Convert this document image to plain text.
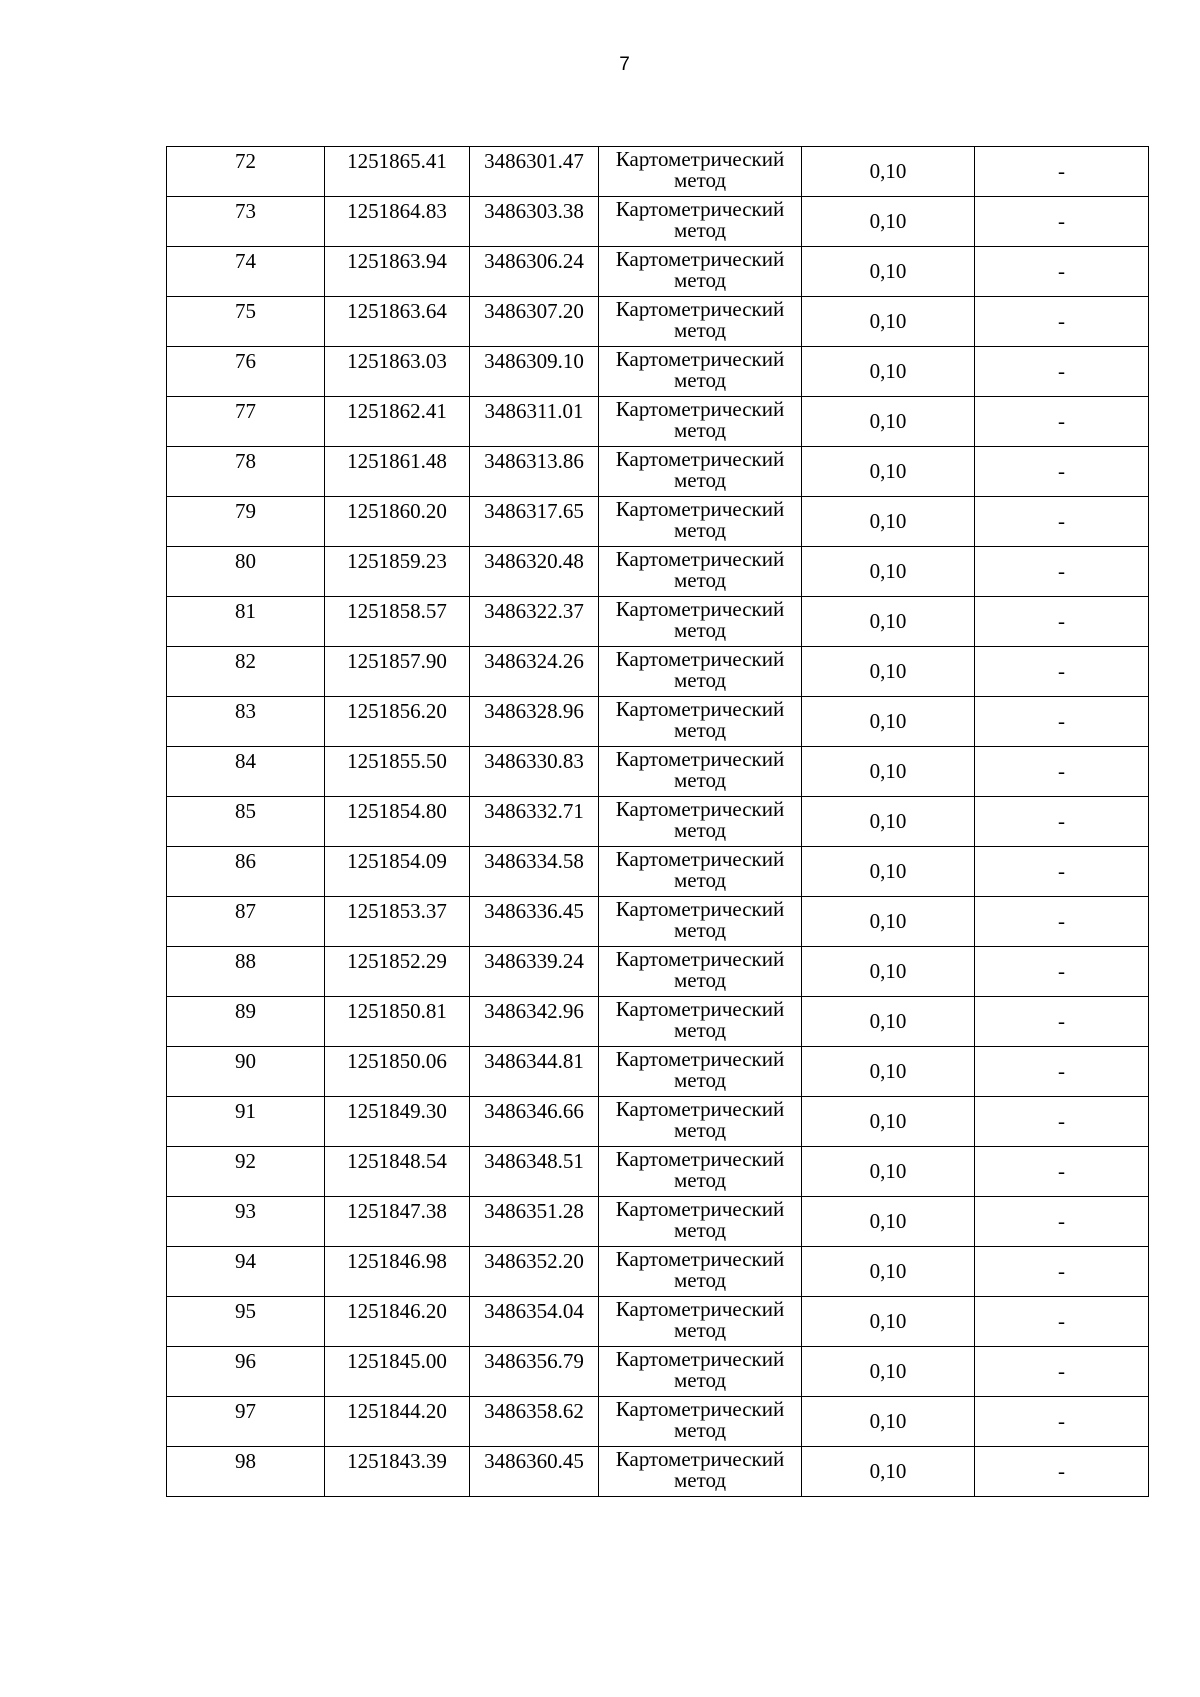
7
72	1251865.41	3486301.47	Картометрический
метод	0,10	-
73	1251864.83	3486303.38	Картометрический
метод	0,10	-
74	1251863.94	3486306.24	Картометрический
метод	0,10	-
75	1251863.64	3486307.20	Картометрический
метод	0,10	-
76	1251863.03	3486309.10	Картометрический
метод	0,10	-
77	1251862.41	3486311.01	Картометрический
метод	0,10	-
78	1251861.48	3486313.86	Картометрический
метод	0,10	-
79	1251860.20	3486317.65	Картометрический
метод	0,10	-
80	1251859.23	3486320.48	Картометрический
метод	0,10	-
81	1251858.57	3486322.37	Картометрический
метод	0,10	-
82	1251857.90	3486324.26	Картометрический
метод	0,10	-
83	1251856.20	3486328.96	Картометрический
метод	0,10	-
84	1251855.50	3486330.83	Картометрический
метод	0,10	-
85	1251854.80	3486332.71	Картометрический
метод	0,10	-
86	1251854.09	3486334.58	Картометрический
метод	0,10	-
87	1251853.37	3486336.45	Картометрический
метод	0,10	-
88	1251852.29	3486339.24	Картометрический
метод	0,10	-
89	1251850.81	3486342.96	Картометрический
метод	0,10	-
90	1251850.06	3486344.81	Картометрический
метод	0,10	-
91	1251849.30	3486346.66	Картометрический
метод	0,10	-
92	1251848.54	3486348.51	Картометрический
метод	0,10	-
93	1251847.38	3486351.28	Картометрический
метод	0,10	-
94	1251846.98	3486352.20	Картометрический
метод	0,10	-
95	1251846.20	3486354.04	Картометрический
метод	0,10	-
96	1251845.00	3486356.79	Картометрический
метод	0,10	-
97	1251844.20	3486358.62	Картометрический
метод	0,10	-
98	1251843.39	3486360.45	Картометрический
метод	0,10	-
